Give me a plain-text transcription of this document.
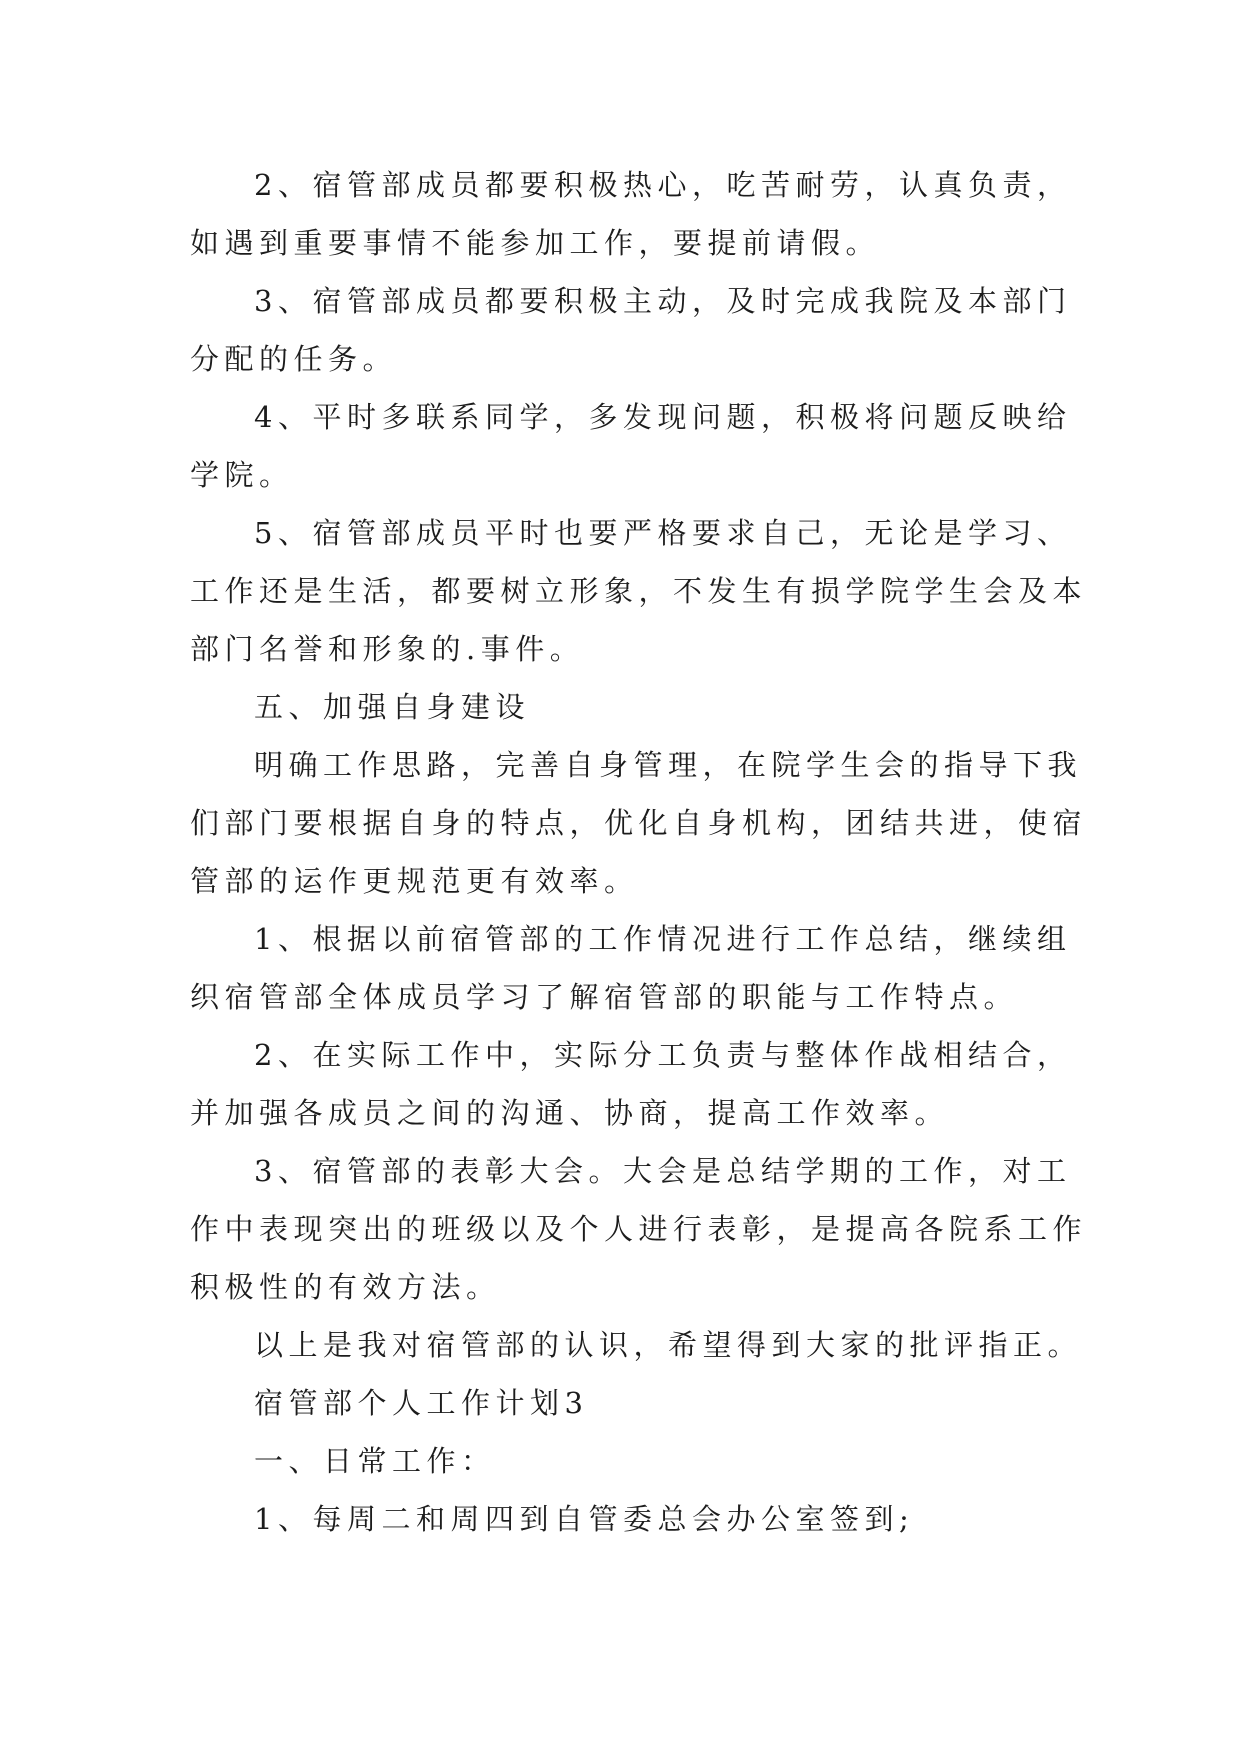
2、宿管部成员都要积极热心，吃苦耐劳，认真负责，
如遇到重要事情不能参加工作，要提前请假。
3、宿管部成员都要积极主动，及时完成我院及本部门
分配的任务。
4、平时多联系同学，多发现问题，积极将问题反映给
学院。
5、宿管部成员平时也要严格要求自己，无论是学习、
工作还是生活，都要树立形象，不发生有损学院学生会及本
部门名誉和形象的.事件。
五、加强自身建设
明确工作思路，完善自身管理，在院学生会的指导下我
们部门要根据自身的特点，优化自身机构，团结共进，使宿
管部的运作更规范更有效率。
1、根据以前宿管部的工作情况进行工作总结，继续组
织宿管部全体成员学习了解宿管部的职能与工作特点。
2、在实际工作中，实际分工负责与整体作战相结合，
并加强各成员之间的沟通、协商，提高工作效率。
3、宿管部的表彰大会。大会是总结学期的工作，对工
作中表现突出的班级以及个人进行表彰，是提高各院系工作
积极性的有效方法。
以上是我对宿管部的认识，希望得到大家的批评指正。
宿管部个人工作计划3
一、日常工作：
1、每周二和周四到自管委总会办公室签到;
